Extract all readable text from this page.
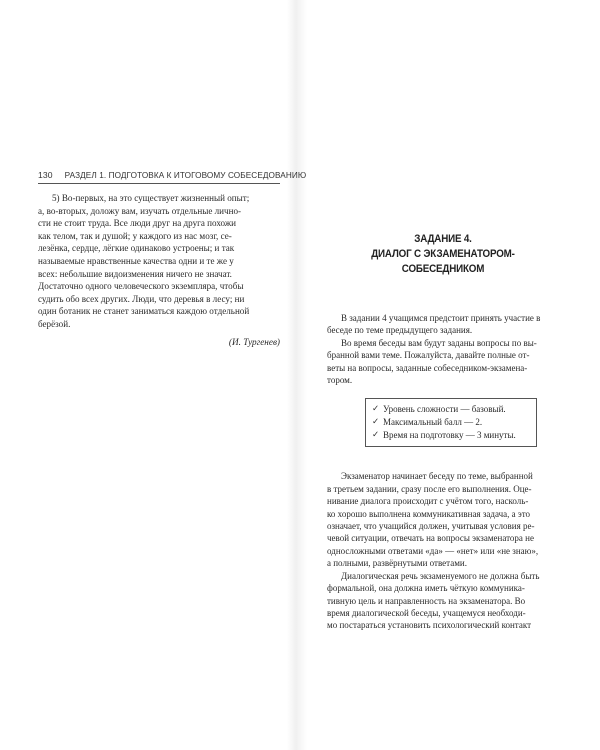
130 РАЗДЕЛ 1. ПОДГОТОВКА К ИТОГОВОМУ СОБЕСЕДОВАНИЮ
5) Во-первых, на это существует жизненный опыт;
а, во-вторых, доложу вам, изучать отдельные лично-
сти не стоит труда. Все люди друг на друга похожи
как телом, так и душой; у каждого из нас мозг, се-
лезёнка, сердце, лёгкие одинаково устроены; и так
называемые нравственные качества одни и те же у
всех: небольшие видоизменения ничего не значат.
Достаточно одного человеческого экземпляра, чтобы
судить обо всех других. Люди, что деревья в лесу; ни
один ботаник не станет заниматься каждою отдельной
берёзой.
(И. Тургенев)
ЗАДАНИЕ 4.
ДИАЛОГ С ЭКЗАМЕНАТОРОМ-СОБЕСЕДНИКОМ
В задании 4 учащимся предстоит принять участие в
беседе по теме предыдущего задания.
Во время беседы вам будут заданы вопросы по вы-
бранной вами теме. Пожалуйста, давайте полные от-
веты на вопросы, заданные собеседником-экзамена-
тором.
✓ Уровень сложности — базовый.
✓ Максимальный балл — 2.
✓ Время на подготовку — 3 минуты.
Экзаменатор начинает беседу по теме, выбранной
в третьем задании, сразу после его выполнения. Оце-
нивание диалога происходит с учётом того, насколь-
ко хорошо выполнена коммуникативная задача, а это
означает, что учащийся должен, учитывая условия ре-
чевой ситуации, отвечать на вопросы экзаменатора не
односложными ответами «да» — «нет» или «не знаю»,
а полными, развёрнутыми ответами.
Диалогическая речь экзаменуемого не должна быть
формальной, она должна иметь чёткую коммуника-
тивную цель и направленность на экзаменатора. Во
время диалогической беседы, учащемуся необходи-
мо постараться установить психологический контакт
